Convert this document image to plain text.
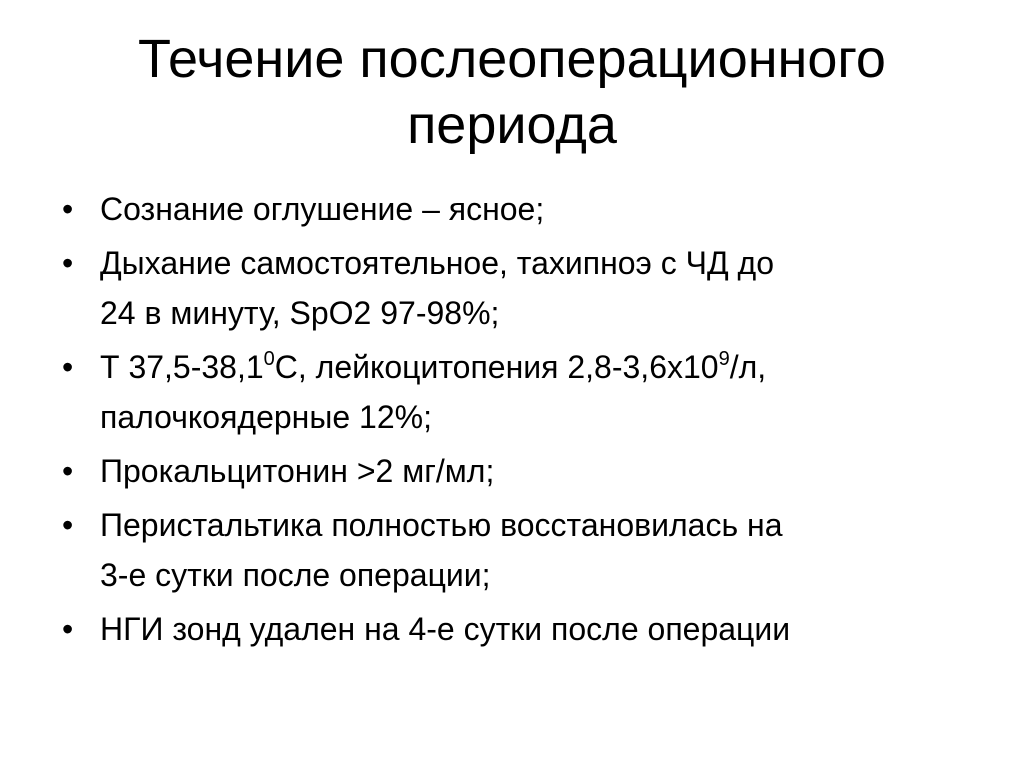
Течение послеоперационного
периода
• Сознание оглушение – ясное;
• Дыхание самостоятельное, тахипноэ с ЧД до
24 в минуту, SpO2 97-98%;
• Т 37,5-38,1$^0$С, лейкоцитопения $2,8-3,6х10^9/л$,
палочкоядерные 12%;
• Прокальцитонин >2 мг/мл;
• Перистальтика полностью восстановилась на
3-е сутки после операции;
• НГИ зонд удален на 4-е сутки после операции
